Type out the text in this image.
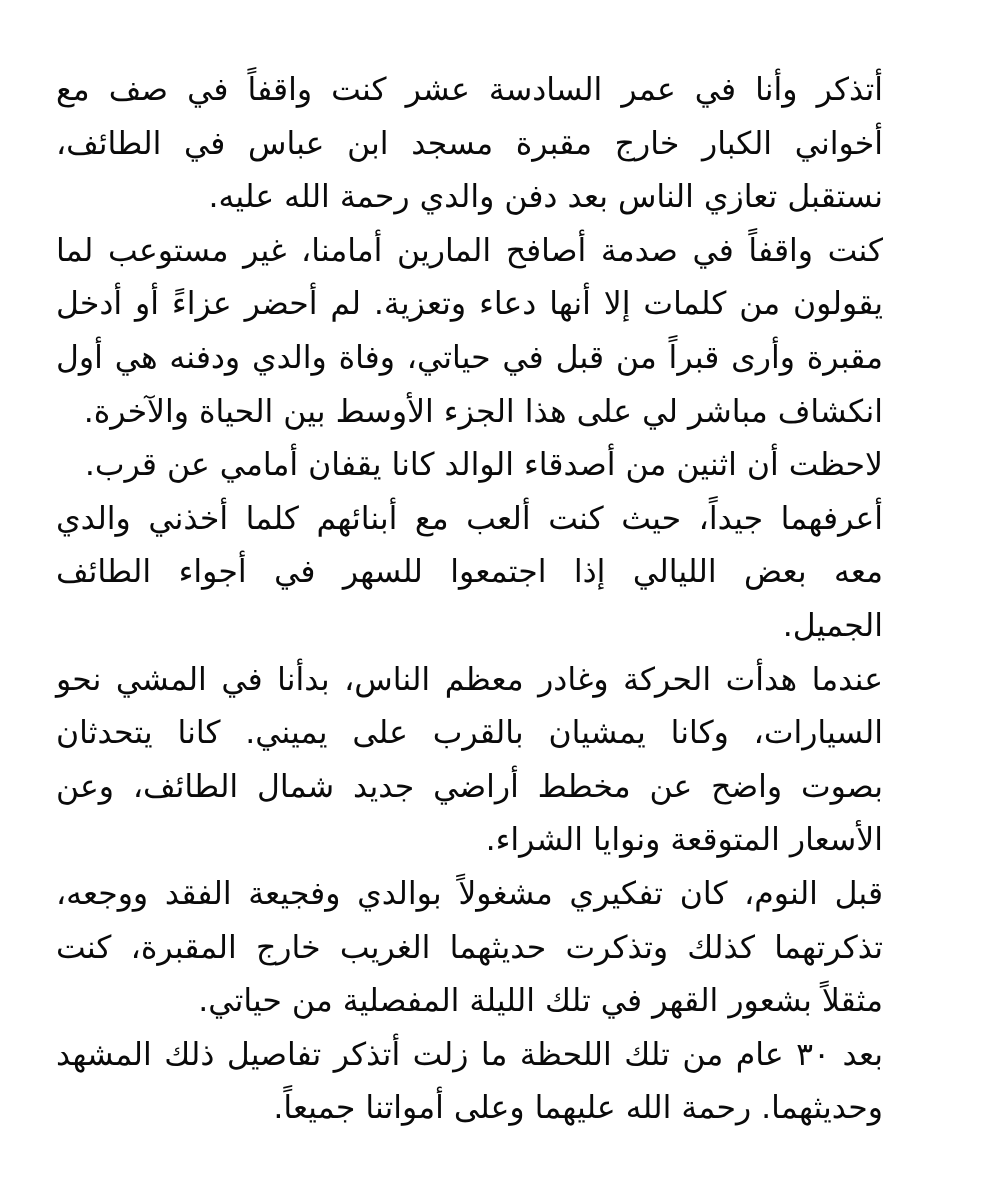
أتذكر وأنا في عمر السادسة عشر كنت واقفاً في صف مع
أخواني الكبار خارج مقبرة مسجد ابن عباس في الطائف،
نستقبل تعازي الناس بعد دفن والدي رحمة الله عليه.
كنت واقفاً في صدمة أصافح المارين أمامنا، غير مستوعب لما
يقولون من كلمات إلا أنها دعاء وتعزية. لم أحضر عزاءً أو أدخل
مقبرة وأرى قبراً من قبل في حياتي، وفاة والدي ودفنه هي أول
انكشاف مباشر لي على هذا الجزء الأوسط بين الحياة والآخرة.
لاحظت أن اثنين من أصدقاء الوالد كانا يقفان أمامي عن قرب.
أعرفهما جيداً، حيث كنت ألعب مع أبنائهم كلما أخذني والدي
معه بعض الليالي إذا اجتمعوا للسهر في أجواء الطائف
الجميل.
عندما هدأت الحركة وغادر معظم الناس، بدأنا في المشي نحو
السيارات، وكانا يمشيان بالقرب على يميني. كانا يتحدثان
بصوت واضح عن مخطط أراضي جديد شمال الطائف، وعن
الأسعار المتوقعة ونوايا الشراء.
قبل النوم، كان تفكيري مشغولاً بوالدي وفجيعة الفقد ووجعه،
تذكرتهما كذلك وتذكرت حديثهما الغريب خارج المقبرة، كنت
مثقلاً بشعور القهر في تلك الليلة المفصلية من حياتي.
بعد ٣٠ عام من تلك اللحظة ما زلت أتذكر تفاصيل ذلك المشهد
وحديثهما. رحمة الله عليهما وعلى أمواتنا جميعاً.
